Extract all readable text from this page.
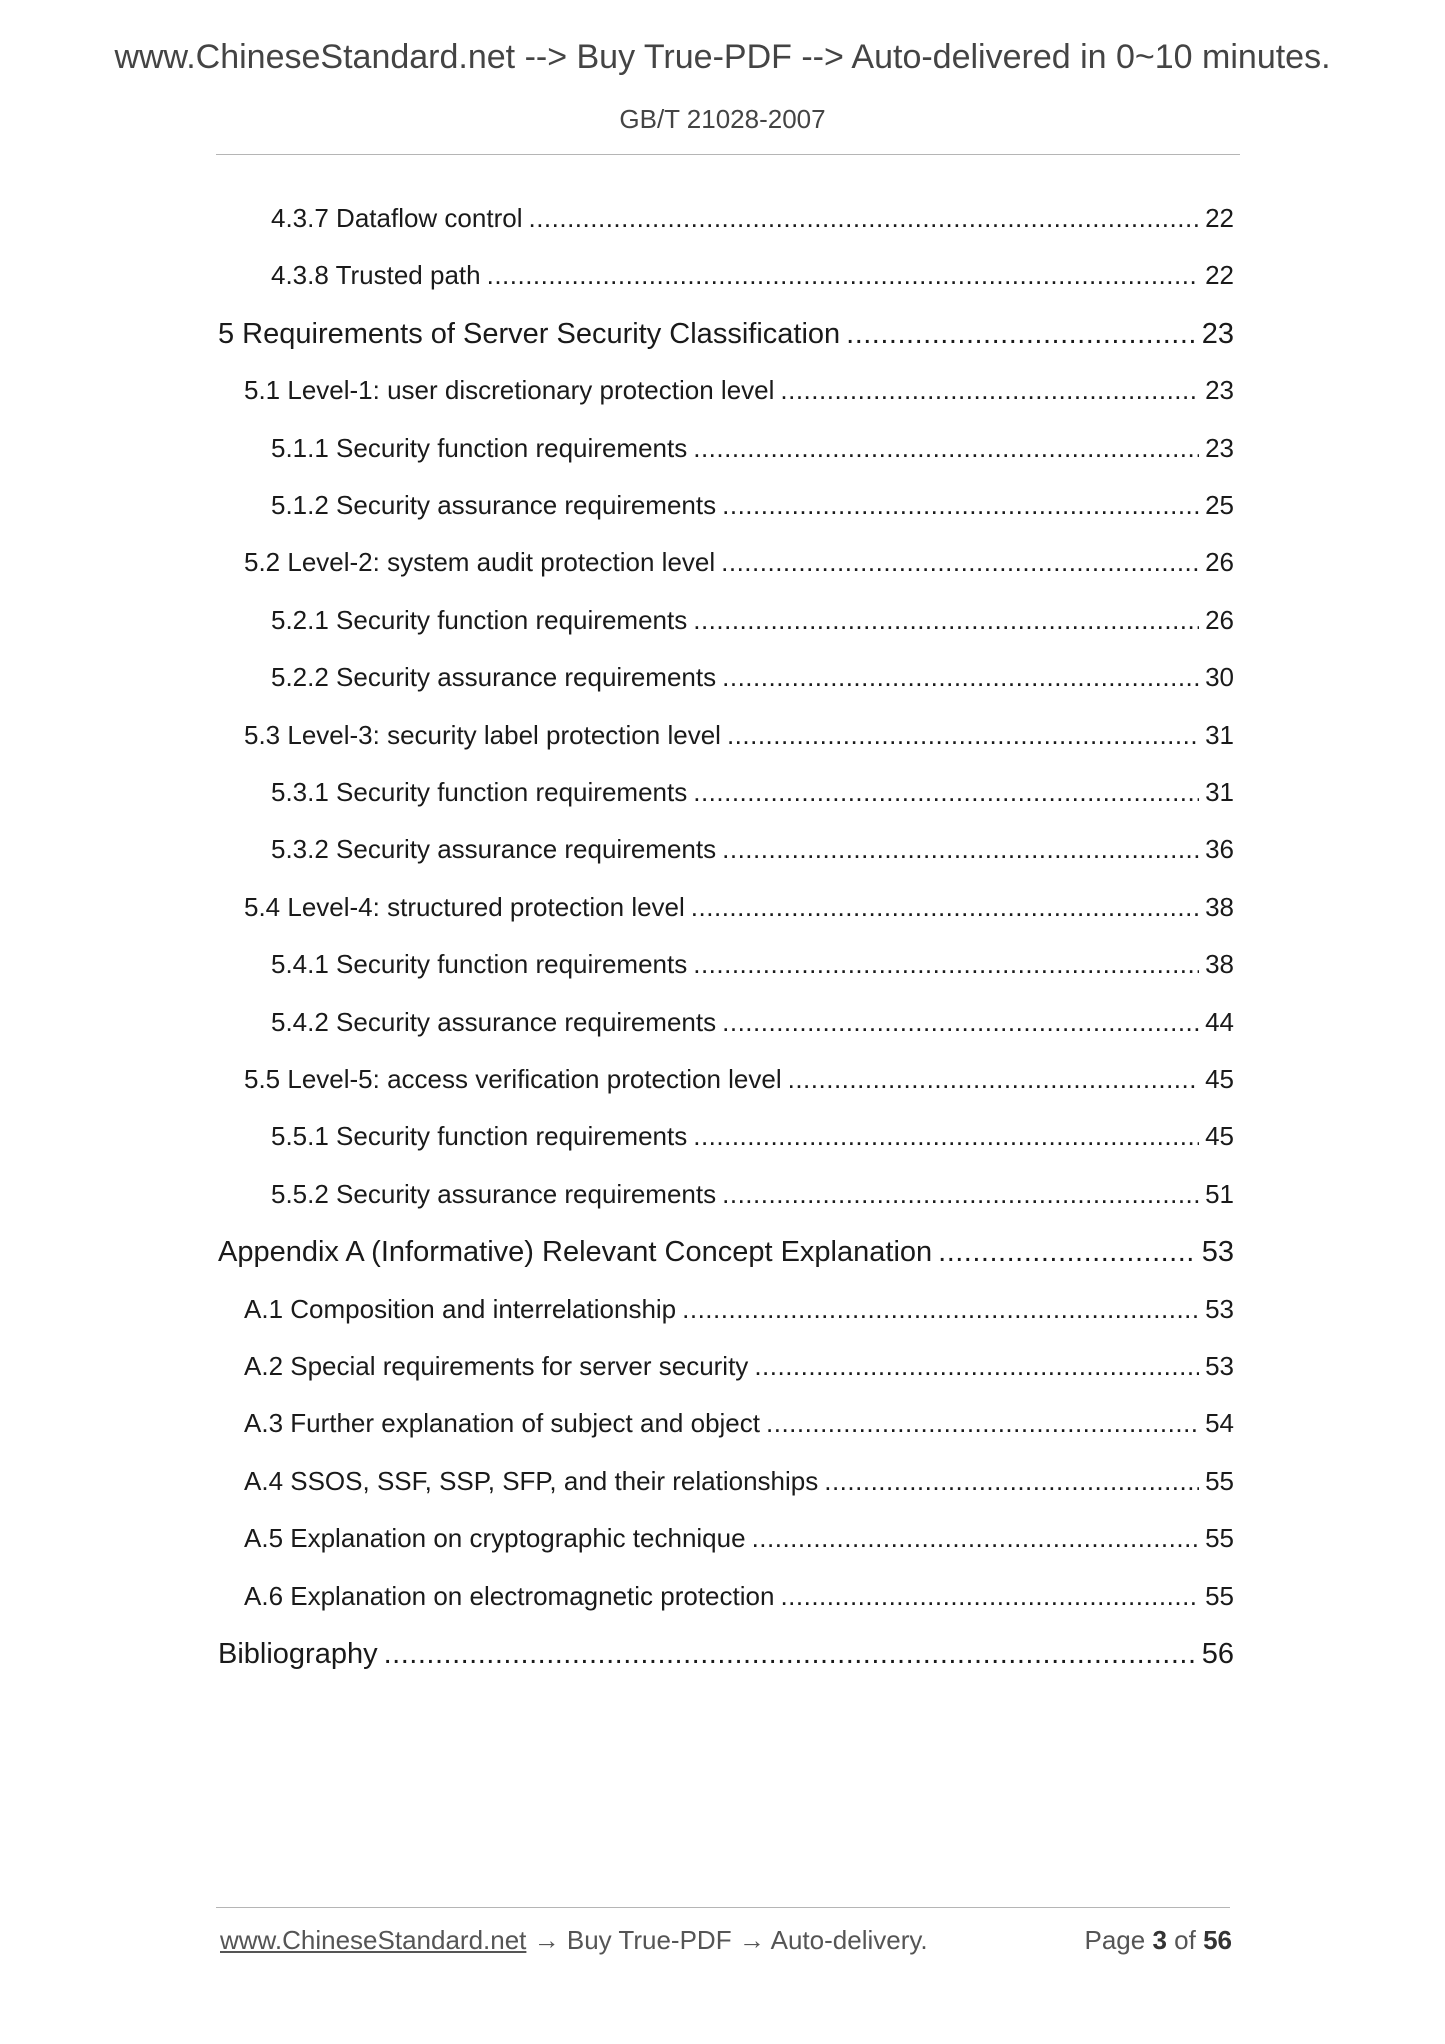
www.ChineseStandard.net --> Buy True-PDF --> Auto-delivered in 0~10 minutes.
GB/T 21028-2007
4.3.7 Dataflow control .....	22
4.3.8 Trusted path .....	22
5 Requirements of Server Security Classification .....	23
5.1 Level-1: user discretionary protection level .....	23
5.1.1 Security function requirements .....	23
5.1.2 Security assurance requirements .....	25
5.2 Level-2: system audit protection level .....	26
5.2.1 Security function requirements .....	26
5.2.2 Security assurance requirements .....	30
5.3 Level-3: security label protection level .....	31
5.3.1 Security function requirements .....	31
5.3.2 Security assurance requirements .....	36
5.4 Level-4: structured protection level .....	38
5.4.1 Security function requirements .....	38
5.4.2 Security assurance requirements .....	44
5.5 Level-5: access verification protection level .....	45
5.5.1 Security function requirements .....	45
5.5.2 Security assurance requirements .....	51
Appendix A (Informative) Relevant Concept Explanation .....	53
A.1 Composition and interrelationship .....	53
A.2 Special requirements for server security .....	53
A.3 Further explanation of subject and object .....	54
A.4 SSOS, SSF, SSP, SFP, and their relationships .....	55
A.5 Explanation on cryptographic technique .....	55
A.6 Explanation on electromagnetic protection .....	55
Bibliography .....	56
www.ChineseStandard.net → Buy True-PDF → Auto-delivery.	Page 3 of 56
